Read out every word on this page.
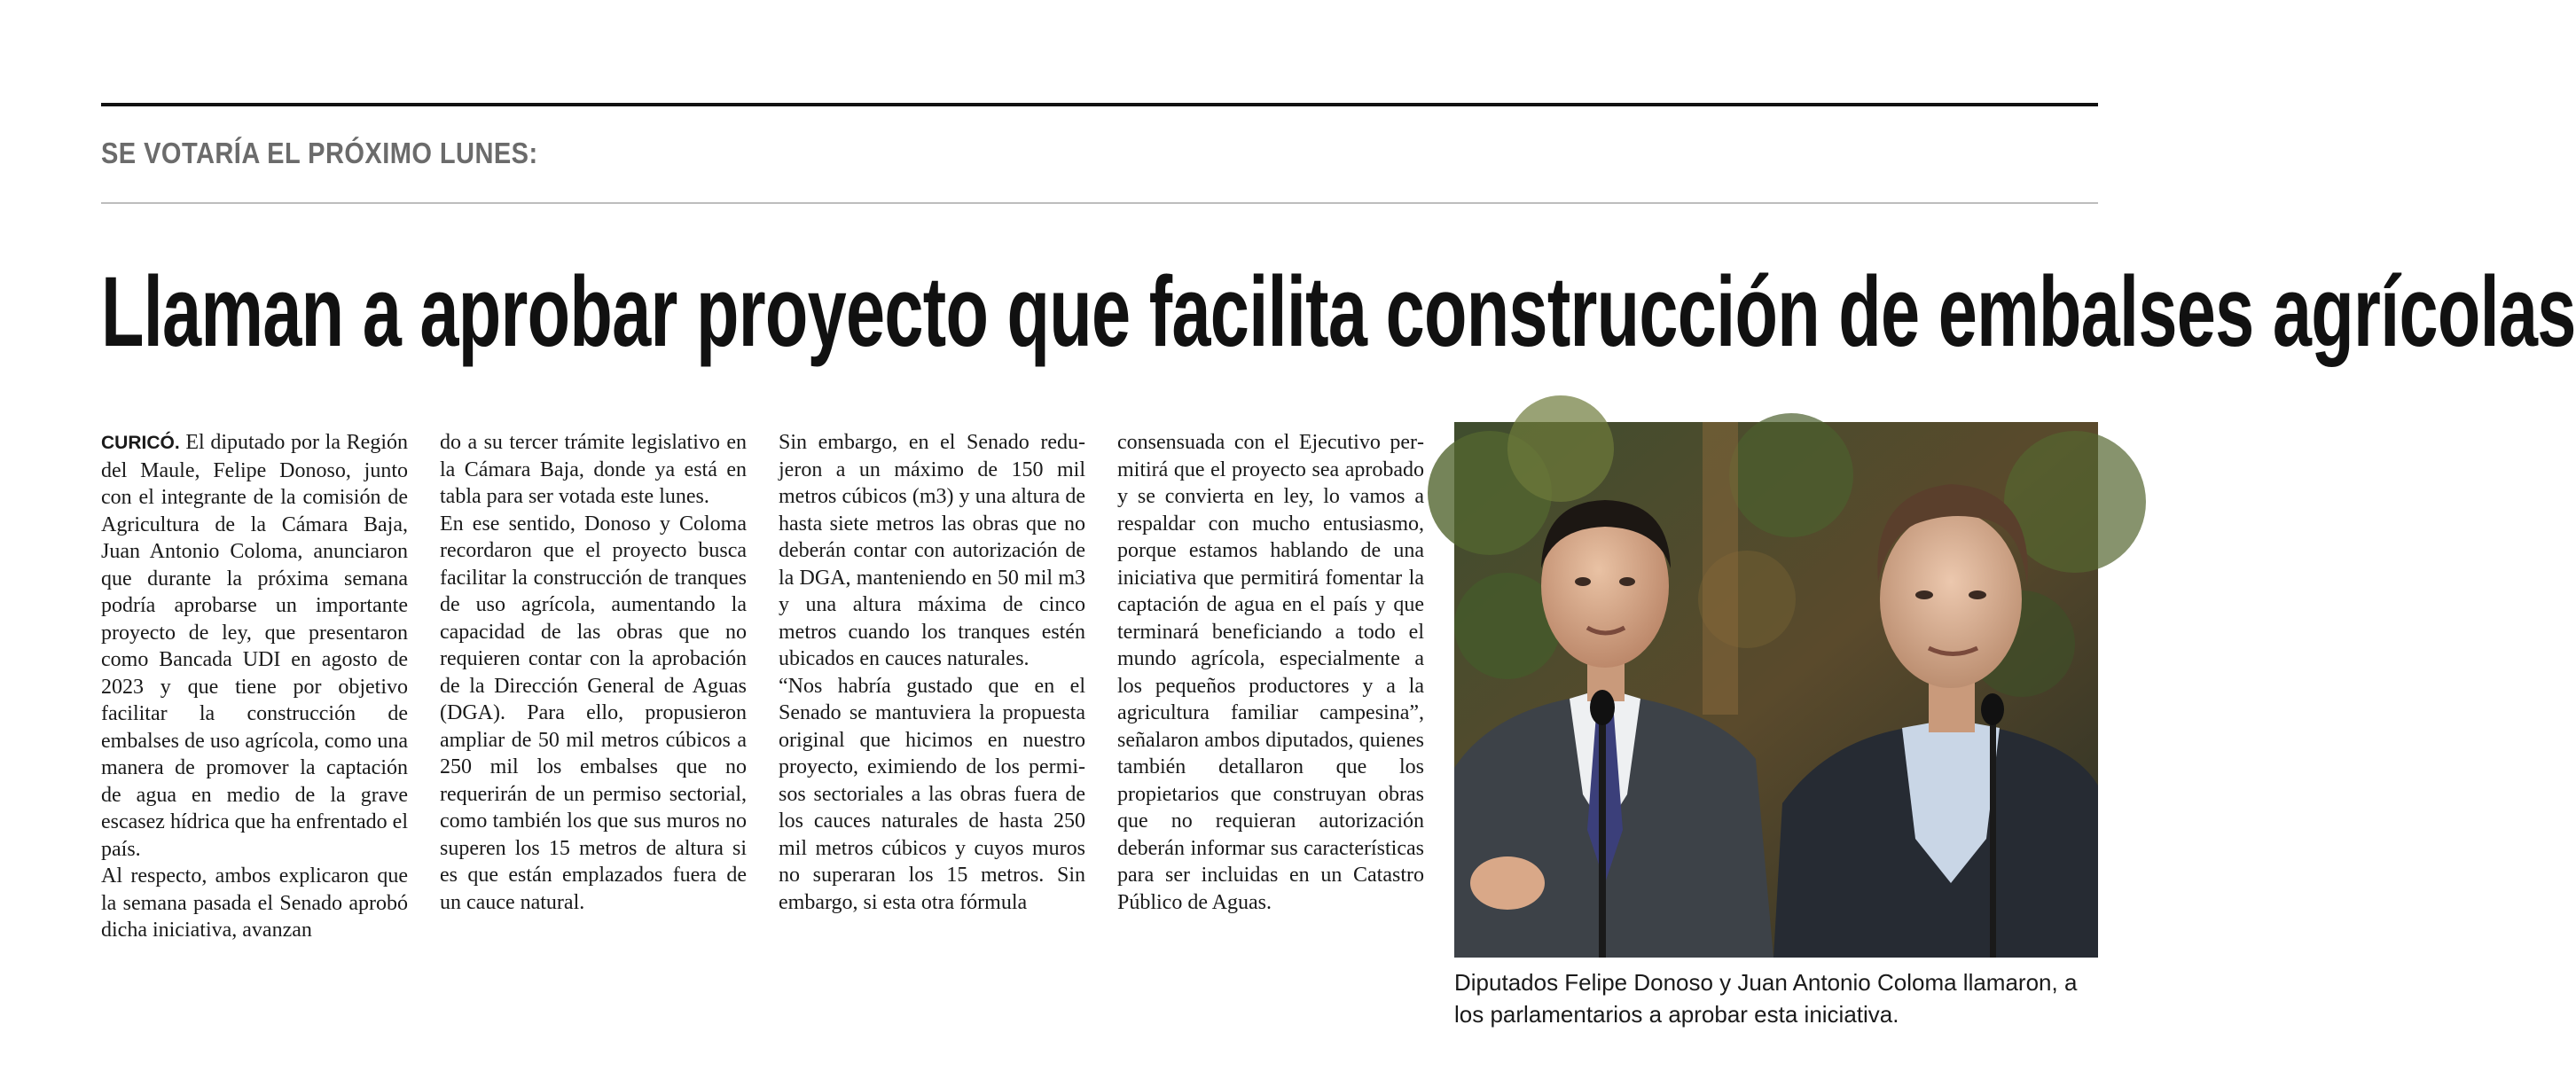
SE VOTARÍA EL PRÓXIMO LUNES:
Llaman a aprobar proyecto que facilita construcción de embalses agrícolas

CURICÓ. El diputado por la Región del Maule, Felipe Donoso, junto con el integrante de la comisión de Agricultura de la Cámara Baja, Juan Antonio Coloma, anunciaron que durante la próxima semana podría aprobarse un importante proyecto de ley, que presentaron como Bancada UDI en agosto de 2023 y que tiene por objetivo facilitar la construcción de embalses de uso agrícola, como una manera de promover la captación de agua en medio de la grave escasez hídrica que ha enfrentado el país.

Al respecto, ambos explicaron que la semana pasada el Senado aprobó dicha iniciativa, avanzan

do a su tercer trámite legislativo en la Cámara Baja, donde ya está en tabla para ser votada este lunes.

En ese sentido, Donoso y Coloma recordaron que el proyecto busca facilitar la construcción de tranques de uso agrícola, aumentando la capacidad de las obras que no requieren contar con la aprobación de la Dirección General de Aguas (DGA). Para ello, propusieron ampliar de 50 mil metros cúbicos a 250 mil los embalses que no requerirán de un permiso sectorial, como también los que sus muros no superen los 15 metros de altura si es que están emplazados fuera de un cauce natural.

Sin embargo, en el Senado redujeron a un máximo de 150 mil metros cúbicos (m3) y una altura de hasta siete metros las obras que no deberán contar con autorización de la DGA, manteniendo en 50 mil m3 y una altura máxima de cinco metros cuando los tranques estén ubicados en cauces naturales.

“Nos habría gustado que en el Senado se mantuviera la propuesta original que hicimos en nuestro proyecto, eximiendo de los permisos sectoriales a las obras fuera de los cauces naturales de hasta 250 mil metros cúbicos y cuyos muros no superaran los 15 metros. Sin embargo, si esta otra fórmula

consensuada con el Ejecutivo permitirá que el proyecto sea aprobado y se convierta en ley, lo vamos a respaldar con mucho entusiasmo, porque estamos hablando de una iniciativa que permitirá fomentar la captación de agua en el país y que terminará beneficiando a todo el mundo agrícola, especialmente a los pequeños productores y a la agricultura familiar campesina”, señalaron ambos diputados, quienes también detallaron que los propietarios que construyan obras que no requieran autorización deberán informar sus características para ser incluidas en un Catastro Público de Aguas.

Diputados Felipe Donoso y Juan Antonio Coloma llamaron, a los parlamentarios a aprobar esta iniciativa.
